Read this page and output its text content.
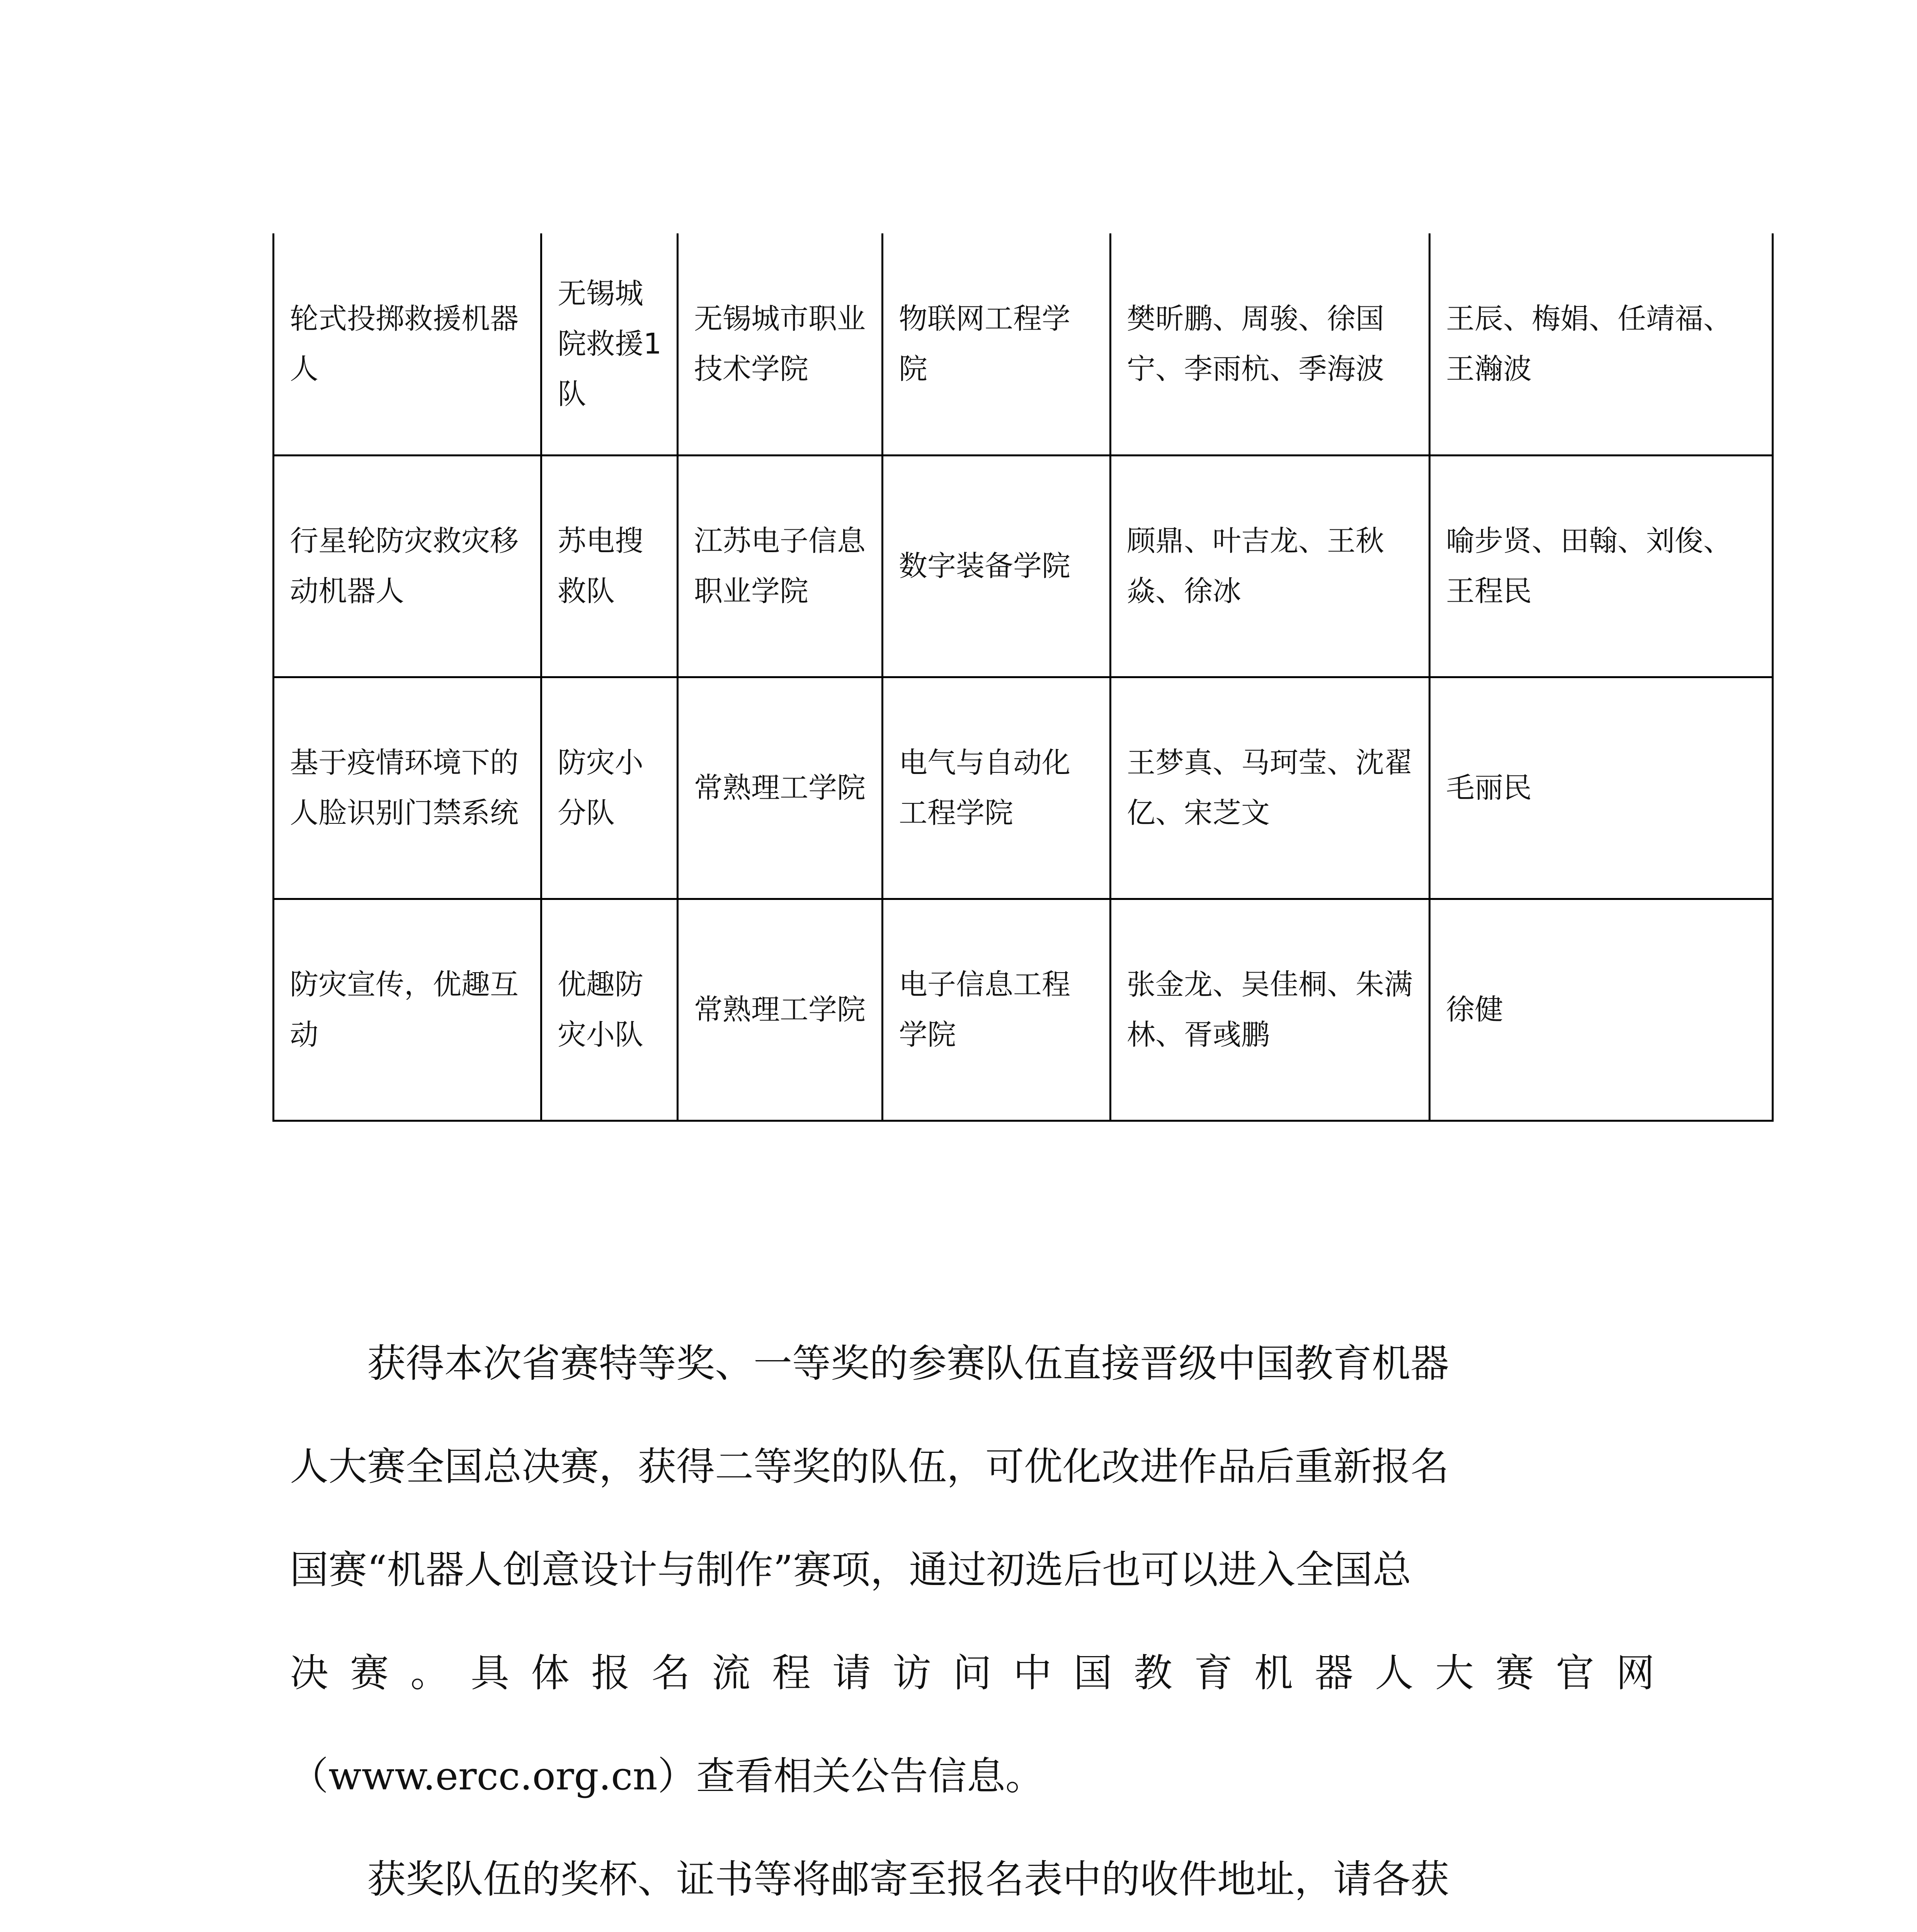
轮式投掷救援机器人	无锡城院救援1队	无锡城市职业技术学院	物联网工程学院	樊昕鹏、周骏、徐国宁、李雨杭、季海波	王辰、梅娟、任靖福、王瀚波
行星轮防灾救灾移动机器人	苏电搜救队	江苏电子信息职业学院	数字装备学院	顾鼎、叶吉龙、王秋焱、徐冰	喻步贤、田翰、刘俊、王程民
基于疫情环境下的人脸识别门禁系统	防灾小分队	常熟理工学院	电气与自动化工程学院	王梦真、马珂莹、沈翟亿、宋芝文	毛丽民
防灾宣传，优趣互动	优趣防灾小队	常熟理工学院	电子信息工程学院	张金龙、吴佳桐、朱满林、胥彧鹏	徐健
获得本次省赛特等奖、一等奖的参赛队伍直接晋级中国教育机器
人大赛全国总决赛，获得二等奖的队伍，可优化改进作品后重新报名
国赛“机器人创意设计与制作”赛项，通过初选后也可以进入全国总
决赛。具体报名流程请访问中国教育机器人大赛官网
（www.ercc.org.cn）查看相关公告信息。
获奖队伍的奖杯、证书等将邮寄至报名表中的收件地址，请各获
